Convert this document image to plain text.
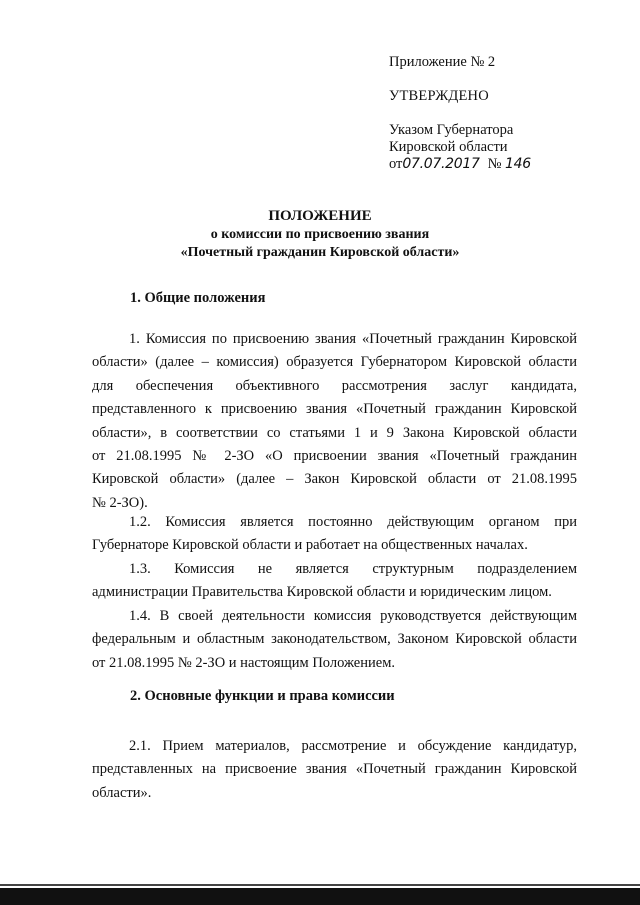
Приложение № 2
УТВЕРЖДЕНО
Указом Губернатора
Кировской области
от07.07.2017 № 146
ПОЛОЖЕНИЕ
о комиссии по присвоению звания
«Почетный гражданин Кировской области»
1. Общие положения
1. Комиссия по присвоению звания «Почетный гражданин Кировской
области» (далее – комиссия) образуется Губернатором Кировской области
для обеспечения объективного рассмотрения заслуг кандидата,
представленного к присвоению звания «Почетный гражданин Кировской
области», в соответствии со статьями 1 и 9 Закона Кировской области
от 21.08.1995 № 2-ЗО «О присвоении звания «Почетный гражданин
Кировской области» (далее – Закон Кировской области от 21.08.1995
№ 2-ЗО).
1.2. Комиссия является постоянно действующим органом при
Губернаторе Кировской области и работает на общественных началах.
1.3. Комиссия не является структурным подразделением
администрации Правительства Кировской области и юридическим лицом.
1.4. В своей деятельности комиссия руководствуется действующим
федеральным и областным законодательством, Законом Кировской области
от 21.08.1995 № 2-ЗО и настоящим Положением.
2. Основные функции и права комиссии
2.1. Прием материалов, рассмотрение и обсуждение кандидатур,
представленных на присвоение звания «Почетный гражданин Кировской
области».
